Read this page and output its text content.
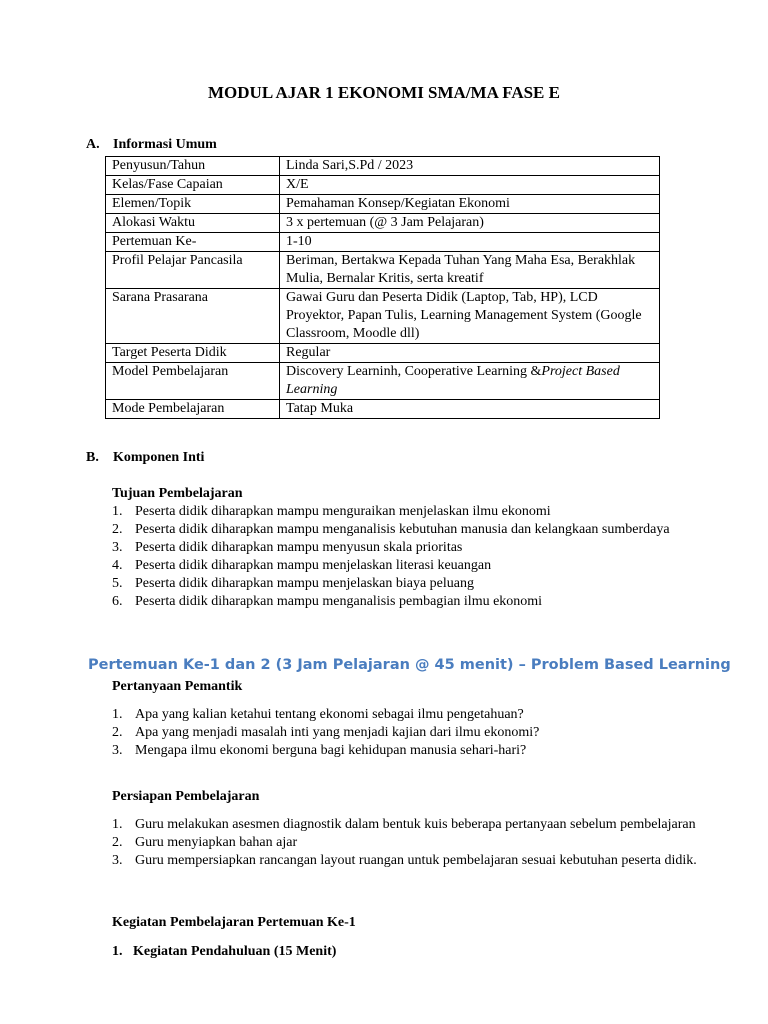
MODUL AJAR 1 EKONOMI SMA/MA FASE E
A. Informasi Umum
Penyusun/Tahun	Linda Sari,S.Pd / 2023
Kelas/Fase Capaian	X/E
Elemen/Topik	Pemahaman Konsep/Kegiatan Ekonomi
Alokasi Waktu	3 x pertemuan (@ 3 Jam Pelajaran)
Pertemuan Ke-	1-10
Profil Pelajar Pancasila	Beriman, Bertakwa Kepada Tuhan Yang Maha Esa, Berakhlak Mulia, Bernalar Kritis, serta kreatif
Sarana Prasarana	Gawai Guru dan Peserta Didik (Laptop, Tab, HP), LCD Proyektor, Papan Tulis, Learning Management System (Google Classroom, Moodle dll)
Target Peserta Didik	Regular
Model Pembelajaran	Discovery Learninh, Cooperative Learning &Project Based Learning
Mode Pembelajaran	Tatap Muka
B. Komponen Inti
Tujuan Pembelajaran
1. Peserta didik diharapkan mampu menguraikan menjelaskan ilmu ekonomi
2. Peserta didik diharapkan mampu menganalisis kebutuhan manusia dan kelangkaan sumberdaya
3. Peserta didik diharapkan mampu menyusun skala prioritas
4. Peserta didik diharapkan mampu menjelaskan literasi keuangan
5. Peserta didik diharapkan mampu menjelaskan biaya peluang
6. Peserta didik diharapkan mampu menganalisis pembagian ilmu ekonomi
Pertemuan Ke-1 dan 2 (3 Jam Pelajaran @ 45 menit) – Problem Based Learning
Pertanyaan Pemantik
1. Apa yang kalian ketahui tentang ekonomi sebagai ilmu pengetahuan?
2. Apa yang menjadi masalah inti yang menjadi kajian dari ilmu ekonomi?
3. Mengapa ilmu ekonomi berguna bagi kehidupan manusia sehari-hari?
Persiapan Pembelajaran
1. Guru melakukan asesmen diagnostik dalam bentuk kuis beberapa pertanyaan sebelum pembelajaran
2. Guru menyiapkan bahan ajar
3. Guru mempersiapkan rancangan layout ruangan untuk pembelajaran sesuai kebutuhan peserta didik.
Kegiatan Pembelajaran Pertemuan Ke-1
1. Kegiatan Pendahuluan (15 Menit)
